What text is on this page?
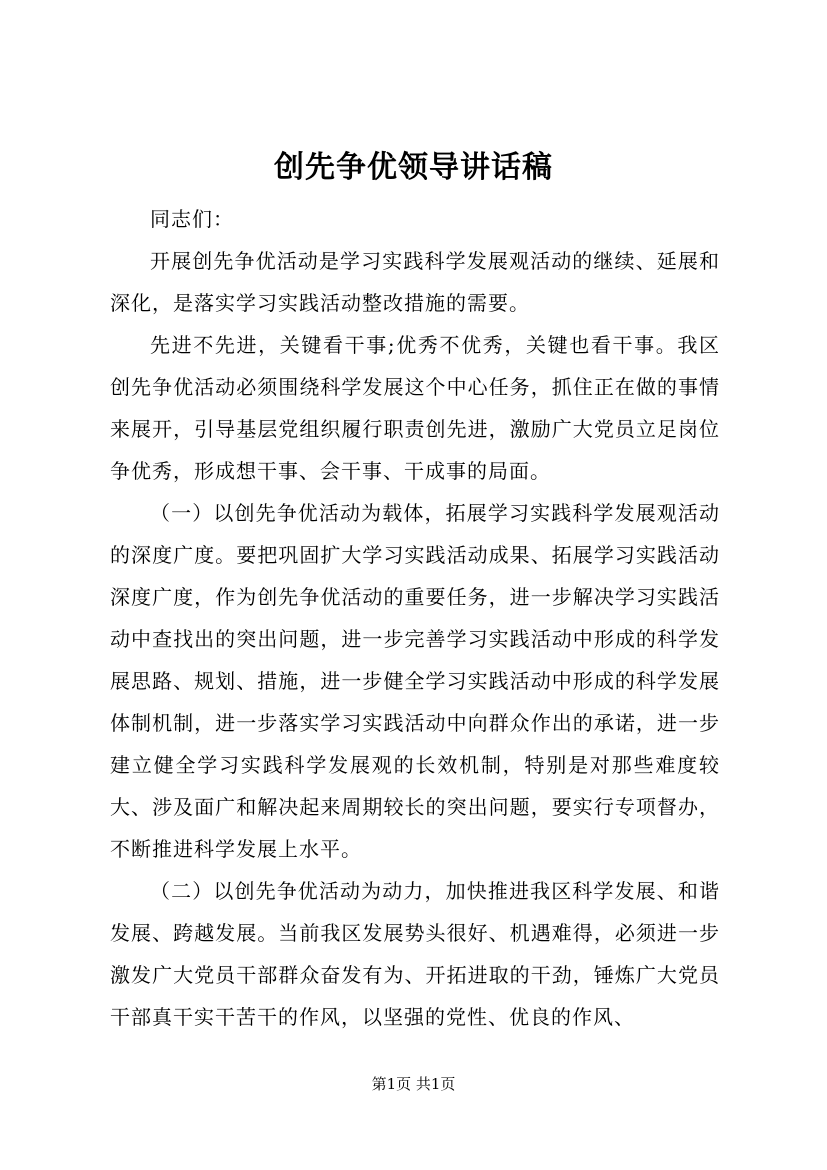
创先争优领导讲话稿

同志们：

开展创先争优活动是学习实践科学发展观活动的继续、延展和深化，是落实学习实践活动整改措施的需要。

先进不先进，关键看干事;优秀不优秀，关键也看干事。我区创先争优活动必须围绕科学发展这个中心任务，抓住正在做的事情来展开，引导基层党组织履行职责创先进，激励广大党员立足岗位争优秀，形成想干事、会干事、干成事的局面。

（一）以创先争优活动为载体，拓展学习实践科学发展观活动的深度广度。要把巩固扩大学习实践活动成果、拓展学习实践活动深度广度，作为创先争优活动的重要任务，进一步解决学习实践活动中查找出的突出问题，进一步完善学习实践活动中形成的科学发展思路、规划、措施，进一步健全学习实践活动中形成的科学发展体制机制，进一步落实学习实践活动中向群众作出的承诺，进一步建立健全学习实践科学发展观的长效机制，特别是对那些难度较大、涉及面广和解决起来周期较长的突出问题，要实行专项督办，不断推进科学发展上水平。

（二）以创先争优活动为动力，加快推进我区科学发展、和谐发展、跨越发展。当前我区发展势头很好、机遇难得，必须进一步激发广大党员干部群众奋发有为、开拓进取的干劲，锤炼广大党员干部真干实干苦干的作风，以坚强的党性、优良的作风、

第1页 共1页
